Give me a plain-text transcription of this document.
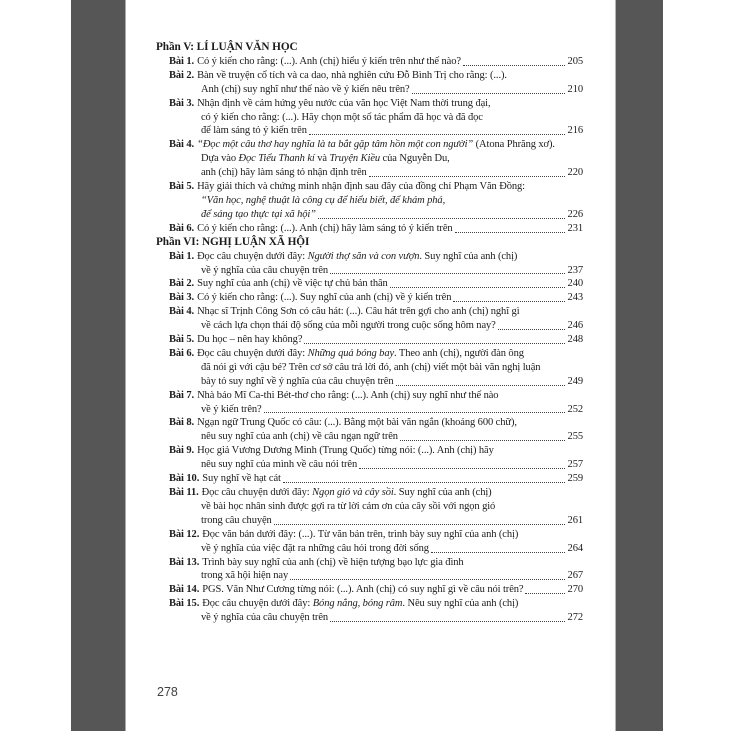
Phần V: LÍ LUẬN VĂN HỌC
Bài 1. Có ý kiến cho rằng: (...). Anh (chị) hiểu ý kiến trên như thế nào?	205
Bài 2. Bàn về truyện cổ tích và ca dao, nhà nghiên cứu Đỗ Bình Trị cho rằng: (...).
Anh (chị) suy nghĩ như thế nào về ý kiến nêu trên?	210
Bài 3. Nhận định về cảm hứng yêu nước của văn học Việt Nam thời trung đại,
có ý kiến cho rằng: (...). Hãy chọn một số tác phẩm đã học và đã đọc
để làm sáng tỏ ý kiến trên	216
Bài 4. “Đọc một câu thơ hay nghĩa là ta bắt gặp tâm hồn một con người” (Atona Phrăng xơ).
Dựa vào Đọc Tiểu Thanh kí và Truyện Kiều của Nguyễn Du,
anh (chị) hãy làm sáng tỏ nhận định trên	220
Bài 5. Hãy giải thích và chứng minh nhận định sau đây của đồng chí Phạm Văn Đồng:
“Văn học, nghệ thuật là công cụ để hiểu biết, để khám phá,
để sáng tạo thực tại xã hội”	226
Bài 6. Có ý kiến cho rằng: (...). Anh (chị) hãy làm sáng tỏ ý kiến trên	231
Phần VI: NGHỊ LUẬN XÃ HỘI
Bài 1. Đọc câu chuyện dưới đây: Người thợ săn và con vượn. Suy nghĩ của anh (chị)
về ý nghĩa của câu chuyện trên	237
Bài 2. Suy nghĩ của anh (chị) về việc tự chủ bản thân	240
Bài 3. Có ý kiến cho rằng: (...). Suy nghĩ của anh (chị) về ý kiến trên	243
Bài 4. Nhạc sĩ Trịnh Công Sơn có câu hát: (...). Câu hát trên gợi cho anh (chị) nghĩ gì
về cách lựa chọn thái độ sống của mỗi người trong cuộc sống hôm nay?	246
Bài 5. Du học – nên hay không?	248
Bài 6. Đọc câu chuyện dưới đây: Những quả bóng bay. Theo anh (chị), người đàn ông
đã nói gì với cậu bé? Trên cơ sở câu trả lời đó, anh (chị) viết một bài văn nghị luận
bày tỏ suy nghĩ về ý nghĩa của câu chuyện trên	249
Bài 7. Nhà báo Mĩ Ca-thi Bét-thơ cho rằng: (...). Anh (chị) suy nghĩ như thế nào
về ý kiến trên?	252
Bài 8. Ngạn ngữ Trung Quốc có câu: (...). Bằng một bài văn ngắn (khoảng 600 chữ),
nêu suy nghĩ của anh (chị) về câu ngạn ngữ trên	255
Bài 9. Học giả Vương Dương Minh (Trung Quốc) từng nói: (...). Anh (chị) hãy
nêu suy nghĩ của mình về câu nói trên	257
Bài 10. Suy nghĩ về hạt cát	259
Bài 11. Đọc câu chuyện dưới đây: Ngọn gió và cây sồi. Suy nghĩ của anh (chị)
về bài học nhân sinh được gợi ra từ lời cảm ơn của cây sồi với ngọn gió
trong câu chuyện	261
Bài 12. Đọc văn bản dưới đây: (...). Từ văn bản trên, trình bày suy nghĩ của anh (chị)
về ý nghĩa của việc đặt ra những câu hỏi trong đời sống	264
Bài 13. Trình bày suy nghĩ của anh (chị) về hiện tượng bạo lực gia đình
trong xã hội hiện nay	267
Bài 14. PGS. Văn Như Cương từng nói: (...). Anh (chị) có suy nghĩ gì về câu nói trên?	270
Bài 15. Đọc câu chuyện dưới đây: Bóng nắng, bóng râm. Nêu suy nghĩ của anh (chị)
về ý nghĩa của câu chuyện trên	272
278
